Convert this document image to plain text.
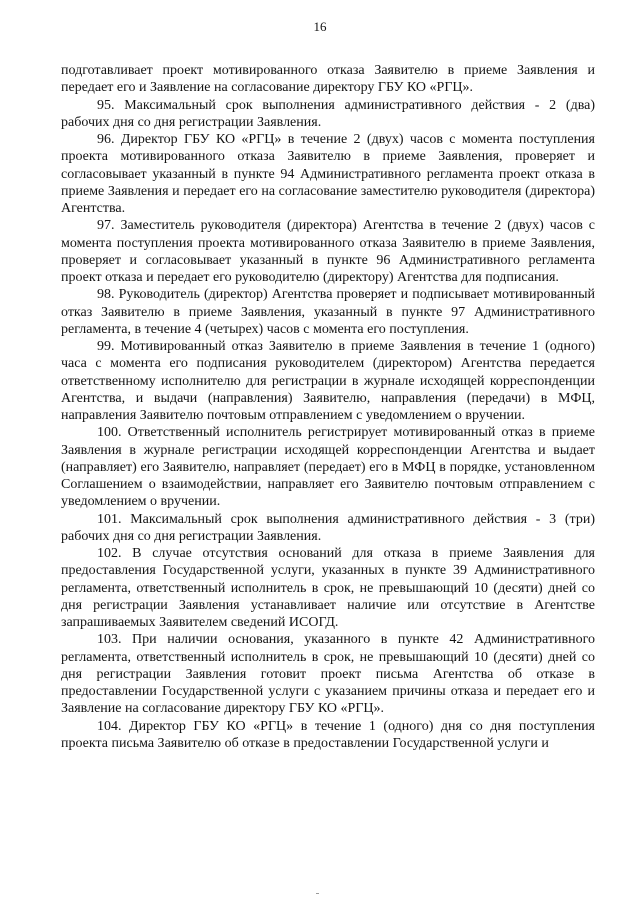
16

подготавливает проект мотивированного отказа Заявителю в приеме Заявления и передает его и Заявление на согласование директору ГБУ КО «РГЦ».

95. Максимальный срок выполнения административного действия - 2 (два) рабочих дня со дня регистрации Заявления.

96. Директор ГБУ КО «РГЦ» в течение 2 (двух) часов с момента поступления проекта мотивированного отказа Заявителю в приеме Заявления, проверяет и согласовывает указанный в пункте 94 Административного регламента проект отказа в приеме Заявления и передает его на согласование заместителю руководителя (директора) Агентства.

97. Заместитель руководителя (директора) Агентства в течение 2 (двух) часов с момента поступления проекта мотивированного отказа Заявителю в приеме Заявления, проверяет и согласовывает указанный в пункте 96 Административного регламента проект отказа и передает его руководителю (директору) Агентства для подписания.

98. Руководитель (директор) Агентства проверяет и подписывает мотивированный отказ Заявителю в приеме Заявления, указанный в пункте 97 Административного регламента, в течение 4 (четырех) часов с момента его поступления.

99. Мотивированный отказ Заявителю в приеме Заявления в течение 1 (одного) часа с момента его подписания руководителем (директором) Агентства передается ответственному исполнителю для регистрации в журнале исходящей корреспонденции Агентства, и выдачи (направления) Заявителю, направления (передачи) в МФЦ, направления Заявителю почтовым отправлением с уведомлением о вручении.

100. Ответственный исполнитель регистрирует мотивированный отказ в приеме Заявления в журнале регистрации исходящей корреспонденции Агентства и выдает (направляет) его Заявителю, направляет (передает) его в МФЦ в порядке, установленном Соглашением о взаимодействии, направляет его Заявителю почтовым отправлением с уведомлением о вручении.

101. Максимальный срок выполнения административного действия - 3 (три) рабочих дня со дня регистрации Заявления.

102. В случае отсутствия оснований для отказа в приеме Заявления для предоставления Государственной услуги, указанных в пункте 39 Административного регламента, ответственный исполнитель в срок, не превышающий 10 (десяти) дней со дня регистрации Заявления устанавливает наличие или отсутствие в Агентстве запрашиваемых Заявителем сведений ИСОГД.

103. При наличии основания, указанного в пункте 42 Административного регламента, ответственный исполнитель в срок, не превышающий 10 (десяти) дней со дня регистрации Заявления готовит проект письма Агентства об отказе в предоставлении Государственной услуги с указанием причины отказа и передает его и Заявление на согласование директору ГБУ КО «РГЦ».

104. Директор ГБУ КО «РГЦ» в течение 1 (одного) дня со дня поступления проекта письма Заявителю об отказе в предоставлении Государственной услуги и
